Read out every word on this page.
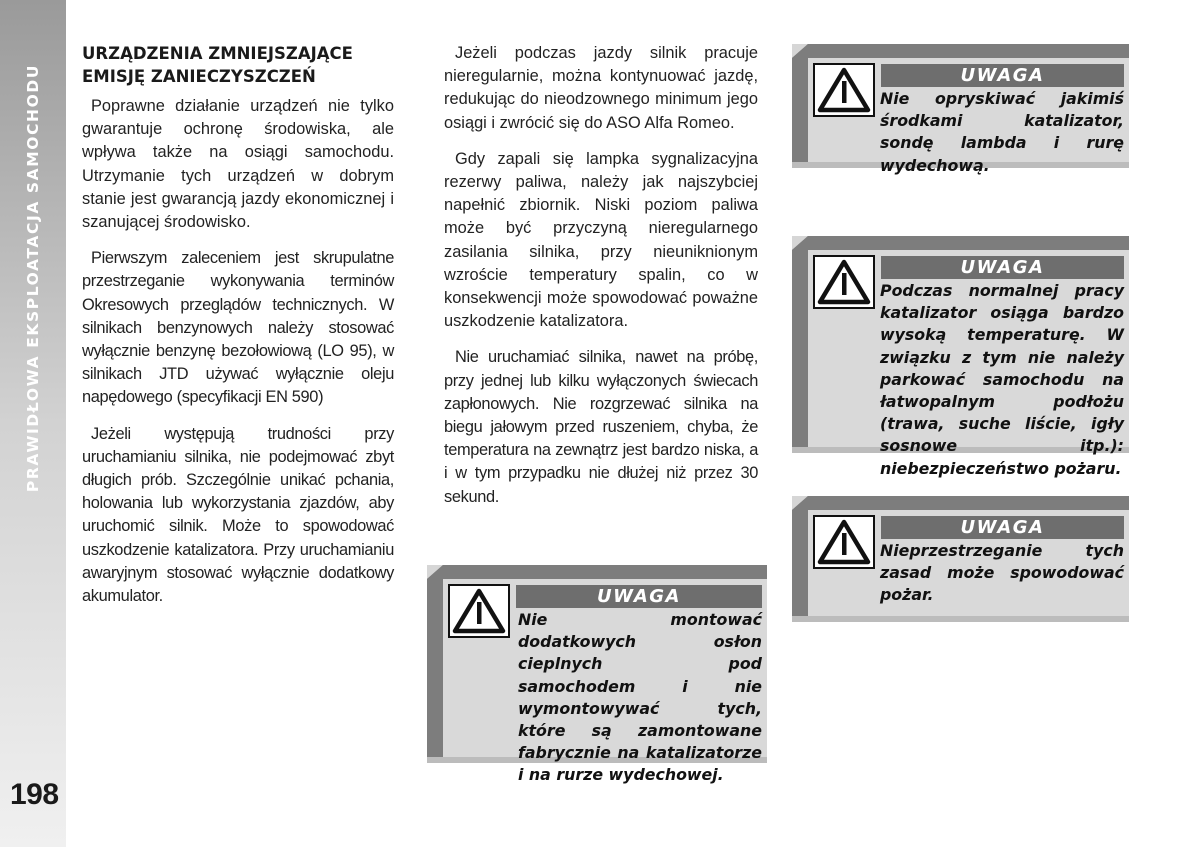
PRAWIDŁOWA EKSPLOATACJA SAMOCHODU
198
URZĄDZENIA ZMNIEJSZAJĄCE EMISJĘ ZANIECZYSZCZEŃ

Poprawne działanie urządzeń nie tylko gwarantuje ochronę środowiska, ale wpływa także na osiągi samochodu. Utrzymanie tych urządzeń w dobrym stanie jest gwarancją jazdy ekonomicznej i szanującej środowisko.

Pierwszym zaleceniem jest skrupulatne przestrzeganie wykonywania terminów Okresowych przeglądów technicznych. W silnikach benzynowych należy stosować wyłącznie benzynę bezołowiową (LO 95), w silnikach JTD używać wyłącznie oleju napędowego (specyfikacji EN 590)

Jeżeli występują trudności przy uruchamianiu silnika, nie podejmować zbyt długich prób. Szczególnie unikać pchania, holowania lub wykorzystania zjazdów, aby uruchomić silnik. Może to spowodować uszkodzenie katalizatora. Przy uruchamianiu awaryjnym stosować wyłącznie dodatkowy akumulator.

Jeżeli podczas jazdy silnik pracuje nieregularnie, można kontynuować jazdę, redukując do nieodzownego minimum jego osiągi i zwrócić się do ASO Alfa Romeo.

Gdy zapali się lampka sygnalizacyjna rezerwy paliwa, należy jak najszybciej napełnić zbiornik. Niski poziom paliwa może być przyczyną nieregularnego zasilania silnika, przy nieuniknionym wzroście temperatury spalin, co w konsekwencji może spowodować poważne uszkodzenie katalizatora.

Nie uruchamiać silnika, nawet na próbę, przy jednej lub kilku wyłączonych świecach zapłonowych. Nie rozgrzewać silnika na biegu jałowym przed ruszeniem, chyba, że temperatura na zewnątrz jest bardzo niska, a i w tym przypadku nie dłużej niż przez 30 sekund.

UWAGA
Nie opryskiwać jakimiś środkami katalizator, sondę lambda i rurę wydechową.
UWAGA
Podczas normalnej pracy katalizator osiąga bardzo wysoką temperaturę. W związku z tym nie należy parkować samochodu na łatwopalnym podłożu (trawa, suche liście, igły sosnowe itp.): niebezpieczeństwo pożaru.
UWAGA
Nieprzestrzeganie tych zasad może spowodować pożar.
UWAGA
Nie montować dodatkowych osłon cieplnych pod samochodem i nie wymontowywać tych, które są zamontowane fabrycznie na katalizatorze i na rurze wydechowej.
